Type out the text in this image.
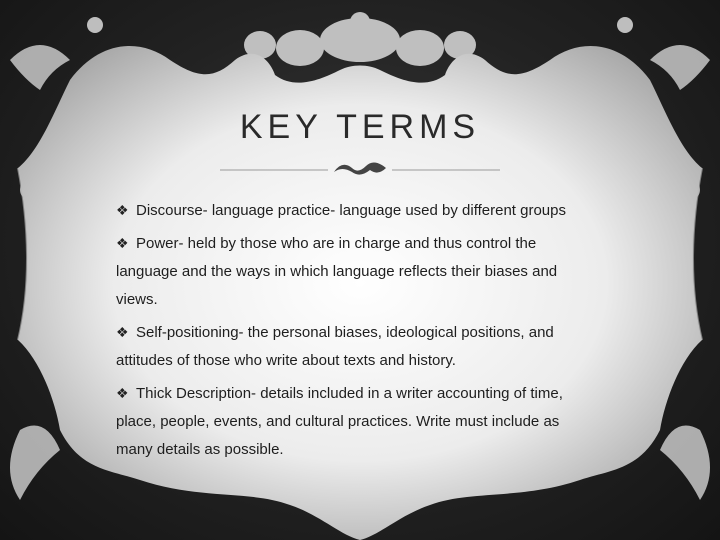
KEY TERMS
❖ Discourse- language practice- language used by different groups
❖ Power- held by those who are in charge and thus control the language and the ways in which language reflects their biases and views.
❖ Self-positioning- the personal biases, ideological positions, and attitudes of those who write about texts and history.
❖ Thick Description- details included in a writer accounting of time, place, people, events, and cultural practices. Write must include as many details as possible.
